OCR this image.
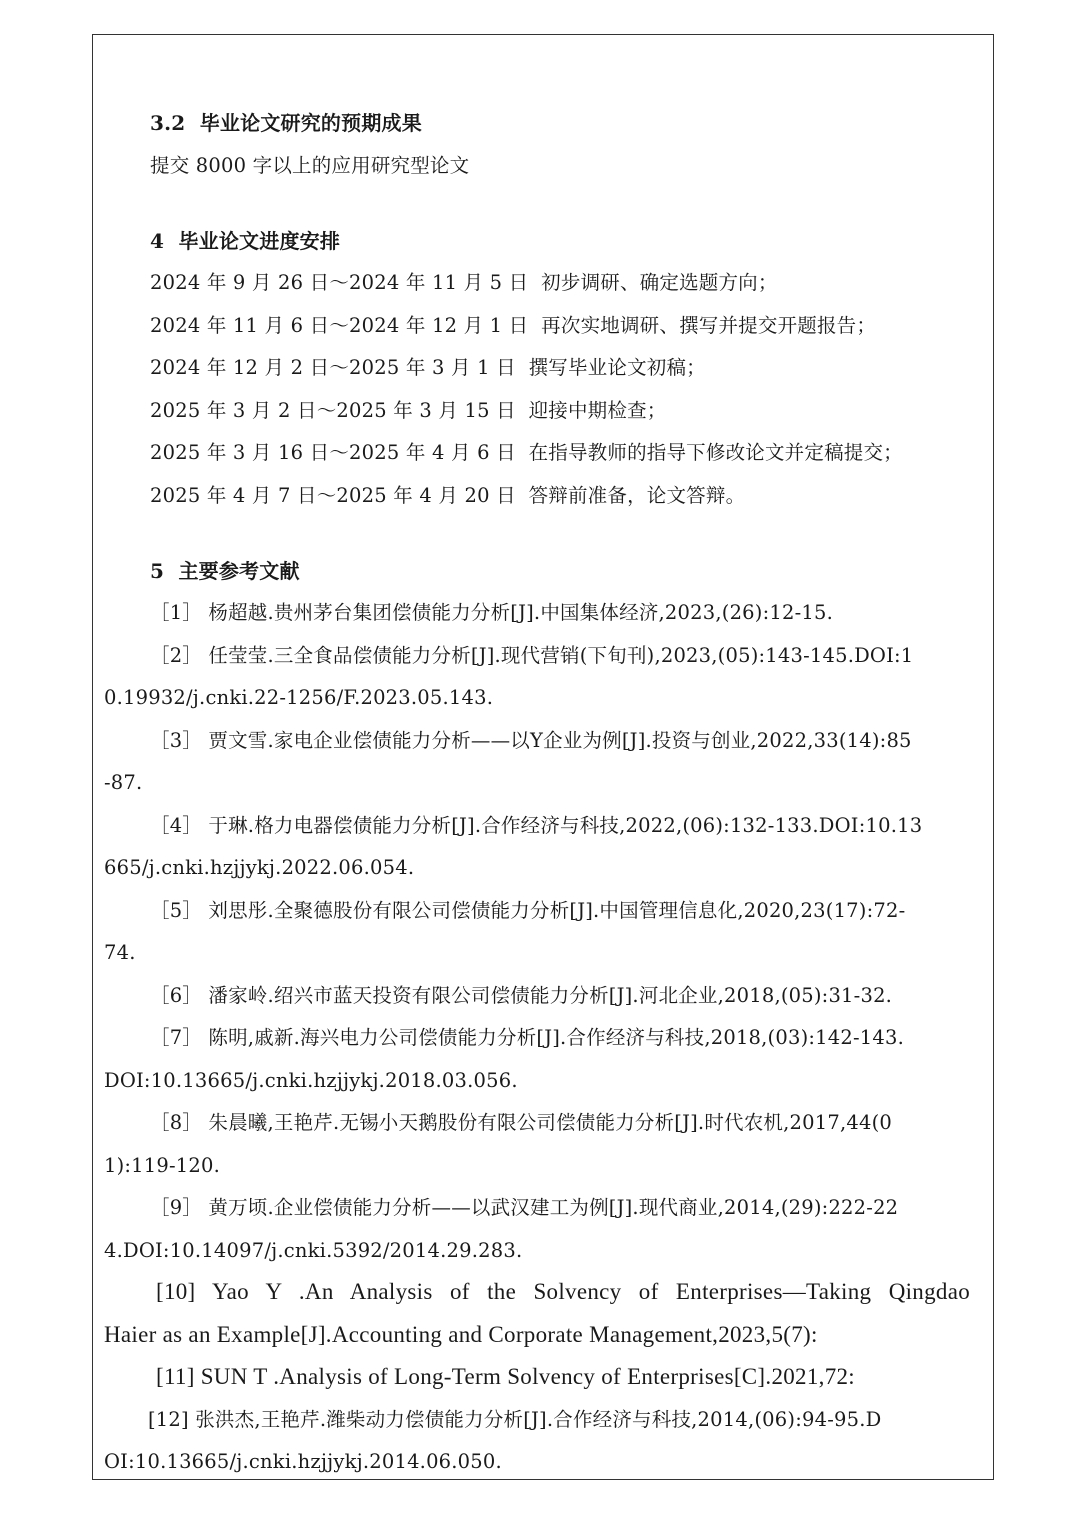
3.2  毕业论文研究的预期成果
提交 8000 字以上的应用研究型论文
4  毕业论文进度安排
2024 年 9 月 26 日～2024 年 11 月 5 日  初步调研、确定选题方向；
2024 年 11 月 6 日～2024 年 12 月 1 日  再次实地调研、撰写并提交开题报告；
2024 年 12 月 2 日～2025 年 3 月 1 日  撰写毕业论文初稿；
2025 年 3 月 2 日～2025 年 3 月 15 日  迎接中期检查；
2025 年 3 月 16 日～2025 年 4 月 6 日  在指导教师的指导下修改论文并定稿提交；
2025 年 4 月 7 日～2025 年 4 月 20 日  答辩前准备，论文答辩。
5  主要参考文献
［1］ 杨超越.贵州茅台集团偿债能力分析[J].中国集体经济,2023,(26):12-15.
［2］ 任莹莹.三全食品偿债能力分析[J].现代营销(下旬刊),2023,(05):143-145.DOI:1
0.19932/j.cnki.22-1256/F.2023.05.143.
［3］ 贾文雪.家电企业偿债能力分析——以Y企业为例[J].投资与创业,2022,33(14):85
-87.
［4］ 于琳.格力电器偿债能力分析[J].合作经济与科技,2022,(06):132-133.DOI:10.13
665/j.cnki.hzjjykj.2022.06.054.
［5］ 刘思彤.全聚德股份有限公司偿债能力分析[J].中国管理信息化,2020,23(17):72-
74.
［6］ 潘家岭.绍兴市蓝天投资有限公司偿债能力分析[J].河北企业,2018,(05):31-32.
［7］ 陈明,戚新.海兴电力公司偿债能力分析[J].合作经济与科技,2018,(03):142-143.
DOI:10.13665/j.cnki.hzjjykj.2018.03.056.
［8］ 朱晨曦,王艳芹.无锡小天鹅股份有限公司偿债能力分析[J].时代农机,2017,44(0
1):119-120.
［9］ 黄万顷.企业偿债能力分析——以武汉建工为例[J].现代商业,2014,(29):222-22
4.DOI:10.14097/j.cnki.5392/2014.29.283.
[10] Yao Y .An Analysis of the Solvency of Enterprises—Taking Qingdao
Haier as an Example[J].Accounting and Corporate Management,2023,5(7):
[11] SUN T .Analysis of Long-Term Solvency of Enterprises[C].2021,72:
[12] 张洪杰,王艳芹.潍柴动力偿债能力分析[J].合作经济与科技,2014,(06):94-95.D
OI:10.13665/j.cnki.hzjjykj.2014.06.050.
